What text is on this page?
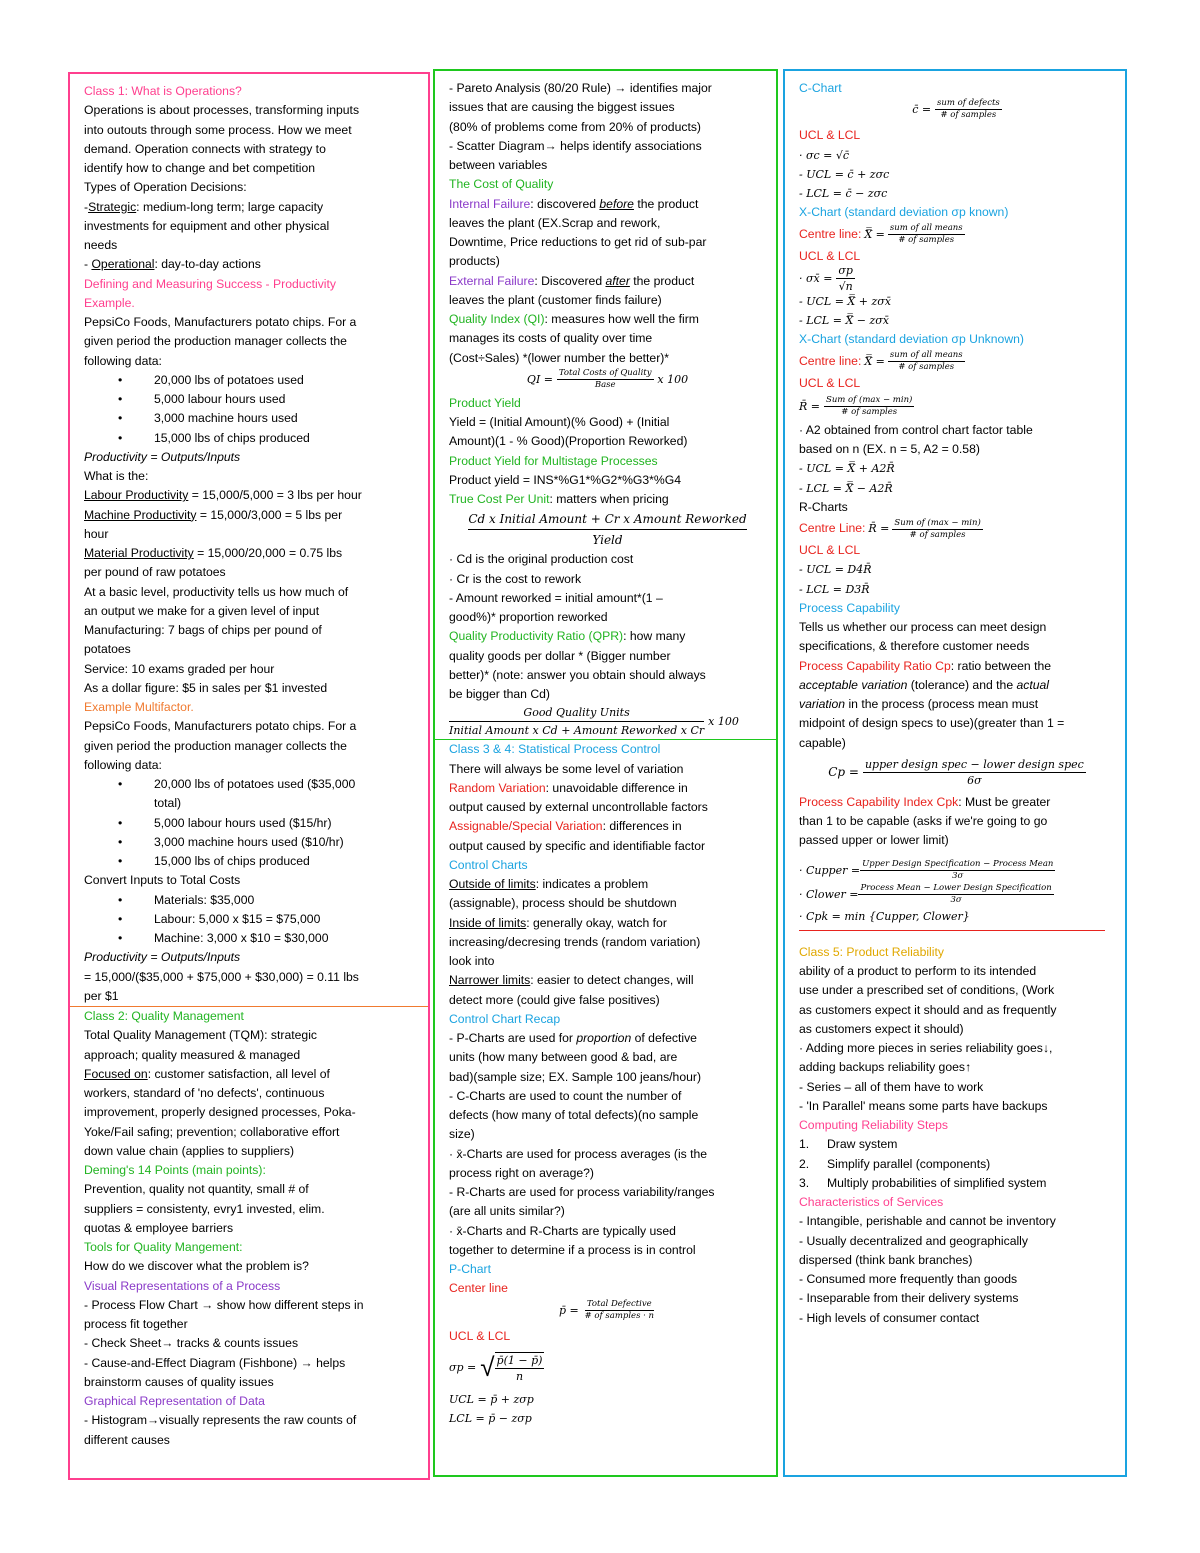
Class 1: What is Operations?
Operations is about processes, transforming inputs
into outouts through some process. How we meet
demand. Operation connects with strategy to
identify how to change and bet competition
Types of Operation Decisions:
-Strategic: medium-long term; large capacity
investments for equipment and other physical
needs
- Operational: day-to-day actions
Defining and Measuring Success - Productivity
Example.
PepsiCo Foods, Manufacturers potato chips. For a
given period the production manager collects the
following data:
• 20,000 lbs of potatoes used
• 5,000 labour hours used
• 3,000 machine hours used
• 15,000 lbs of chips produced
Productivity = Outputs/Inputs
What is the:
Labour Productivity = 15,000/5,000 = 3 lbs per hour
Machine Productivity = 15,000/3,000 = 5 lbs per
hour
Material Productivity = 15,000/20,000 = 0.75 lbs
per pound of raw potatoes
At a basic level, productivity tells us how much of
an output we make for a given level of input
Manufacturing: 7 bags of chips per pound of
potatoes
Service: 10 exams graded per hour
As a dollar figure: $5 in sales per $1 invested
Example Multifactor.
PepsiCo Foods, Manufacturers potato chips. For a
given period the production manager collects the
following data:
• 20,000 lbs of potatoes used ($35,000
total)
• 5,000 labour hours used ($15/hr)
• 3,000 machine hours used ($10/hr)
• 15,000 lbs of chips produced
Convert Inputs to Total Costs
• Materials: $35,000
• Labour: 5,000 x $15 = $75,000
• Machine: 3,000 x $10 = $30,000
Productivity = Outputs/Inputs
= 15,000/($35,000 + $75,000 + $30,000) = 0.11 lbs
per $1
Class 2: Quality Management
Total Quality Management (TQM): strategic
approach; quality measured & managed
Focused on: customer satisfaction, all level of
workers, standard of 'no defects', continuous
improvement, properly designed processes, Poka-
Yoke/Fail safing; prevention; collaborative effort
down value chain (applies to suppliers)
Deming's 14 Points (main points):
Prevention, quality not quantity, small # of
suppliers = consistenty, evry1 invested, elim.
quotas & employee barriers
Tools for Quality Mangement:
How do we discover what the problem is?
Visual Representations of a Process
- Process Flow Chart → show how different steps in
process fit together
- Check Sheet→ tracks & counts issues
- Cause-and-Effect Diagram (Fishbone) → helps
brainstorm causes of quality issues
Graphical Representation of Data
- Histogram→visually represents the raw counts of
different causes
- Pareto Analysis (80/20 Rule) → identifies major
issues that are causing the biggest issues
(80% of problems come from 20% of products)
- Scatter Diagram→ helps identify associations
between variables
The Cost of Quality
Internal Failure: discovered before the product
leaves the plant (EX.Scrap and rework,
Downtime, Price reductions to get rid of sub-par
products)
External Failure: Discovered after the product
leaves the plant (customer finds failure)
Quality Index (QI): measures how well the firm
manages its costs of quality over time
(Cost÷Sales) *(lower number the better)*
QI = $\frac{\text{Total Costs of Quality}}{\text{Base}}$ x 100
Product Yield
Yield = (Initial Amount)(% Good) + (Initial
Amount)(1 - % Good)(Proportion Reworked)
Product Yield for Multistage Processes
Product yield = INS*%G1*%G2*%G3*%G4
True Cost Per Unit: matters when pricing
Cd x Initial Amount + Cr x Amount Reworked
Yield
· Cd is the original production cost
· Cr is the cost to rework
- Amount reworked = initial amount*(1 –
good%)* proportion reworked
Quality Productivity Ratio (QPR): how many
quality goods per dollar * (Bigger number
better)* (note: answer you obtain should always
be bigger than Cd)
Good Quality Units
Initial Amount x Cd + Amount Reworked x Cr
x 100
Class 3 & 4: Statistical Process Control
There will always be some level of variation
Random Variation: unavoidable difference in
output caused by external uncontrollable factors
Assignable/Special Variation: differences in
output caused by specific and identifiable factor
Control Charts
Outside of limits: indicates a problem
(assignable), process should be shutdown
Inside of limits: generally okay, watch for
increasing/decresing trends (random variation)
look into
Narrower limits: easier to detect changes, will
detect more (could give false positives)
Control Chart Recap
- P-Charts are used for proportion of defective
units (how many between good & bad, are
bad)(sample size; EX. Sample 100 jeans/hour)
- C-Charts are used to count the number of
defects (how many of total defects)(no sample
size)
· x̄-Charts are used for process averages (is the
process right on average?)
- R-Charts are used for process variability/ranges
(are all units similar?)
· x̄-Charts and R-Charts are typically used
together to determine if a process is in control
P-Chart
Center line
p̄ = $\frac{\text{Total Defective}}{\text{\# of samples · n}}$
UCL & LCL
σp = √ $\frac{p̄(1 - p̄)}{n}$
UCL = p̄ + zσp
LCL = p̄ − zσp
C-Chart
c̄ = $\frac{\text{sum of defects}}{\text{\# of samples}}$
UCL & LCL
· σc = √c̄
- UCL = c̄ + zσc
- LCL = c̄ − zσc
X-Chart (standard deviation σp known)
Centre line: X̿ = $\frac{\text{sum of all means}}{\text{\# of samples}}$
UCL & LCL
· σx̄ = $\frac{\sigma p}{√n}$
- UCL = X̿ + zσx̄
- LCL = X̿ − zσx̄
X-Chart (standard deviation σp Unknown)
Centre line: X̿ = $\frac{\text{sum of all means}}{\text{\# of samples}}$
UCL & LCL
R̄ = $\frac{\text{Sum of (max − min)}}{\text{\# of samples}}$
· A2 obtained from control chart factor table
based on n (EX. n = 5, A2 = 0.58)
- UCL = X̿ + A2R̄
- LCL = X̿ − A2R̄
R-Charts
Centre Line: R̄ = $\frac{\text{Sum of (max − min)}}{\text{\# of samples}}$
UCL & LCL
- UCL = D4R̄
- LCL = D3R̄
Process Capability
Tells us whether our process can meet design
specifications, & therefore customer needs
Process Capability Ratio Cp: ratio between the
acceptable variation (tolerance) and the actual
variation in the process (process mean must
midpoint of design specs to use)(greater than 1 =
capable)
$Cp = \frac{\text{upper design spec − lower design spec}}{6\sigma}$
Process Capability Index Cpk: Must be greater
than 1 to be capable (asks if we're going to go
passed upper or lower limit)
· Cupper = $\frac{\text{Upper Design Specification − Process Mean}}{3\sigma}$
· Clower = $\frac{\text{Process Mean − Lower Design Specification}}{3\sigma}$
· Cpk = min {Cupper, Clower}
Class 5: Product Reliability
ability of a product to perform to its intended
use under a prescribed set of conditions, (Work
as customers expect it should and as frequently
as customers expect it should)
· Adding more pieces in series reliability goes↓,
adding backups reliability goes↑
- Series – all of them have to work
- 'In Parallel' means some parts have backups
Computing Reliability Steps
1. Draw system
2. Simplify parallel (components)
3. Multiply probabilities of simplified system
Characteristics of Services
- Intangible, perishable and cannot be inventory
- Usually decentralized and geographically
dispersed (think bank branches)
- Consumed more frequently than goods
- Inseparable from their delivery systems
- High levels of consumer contact
